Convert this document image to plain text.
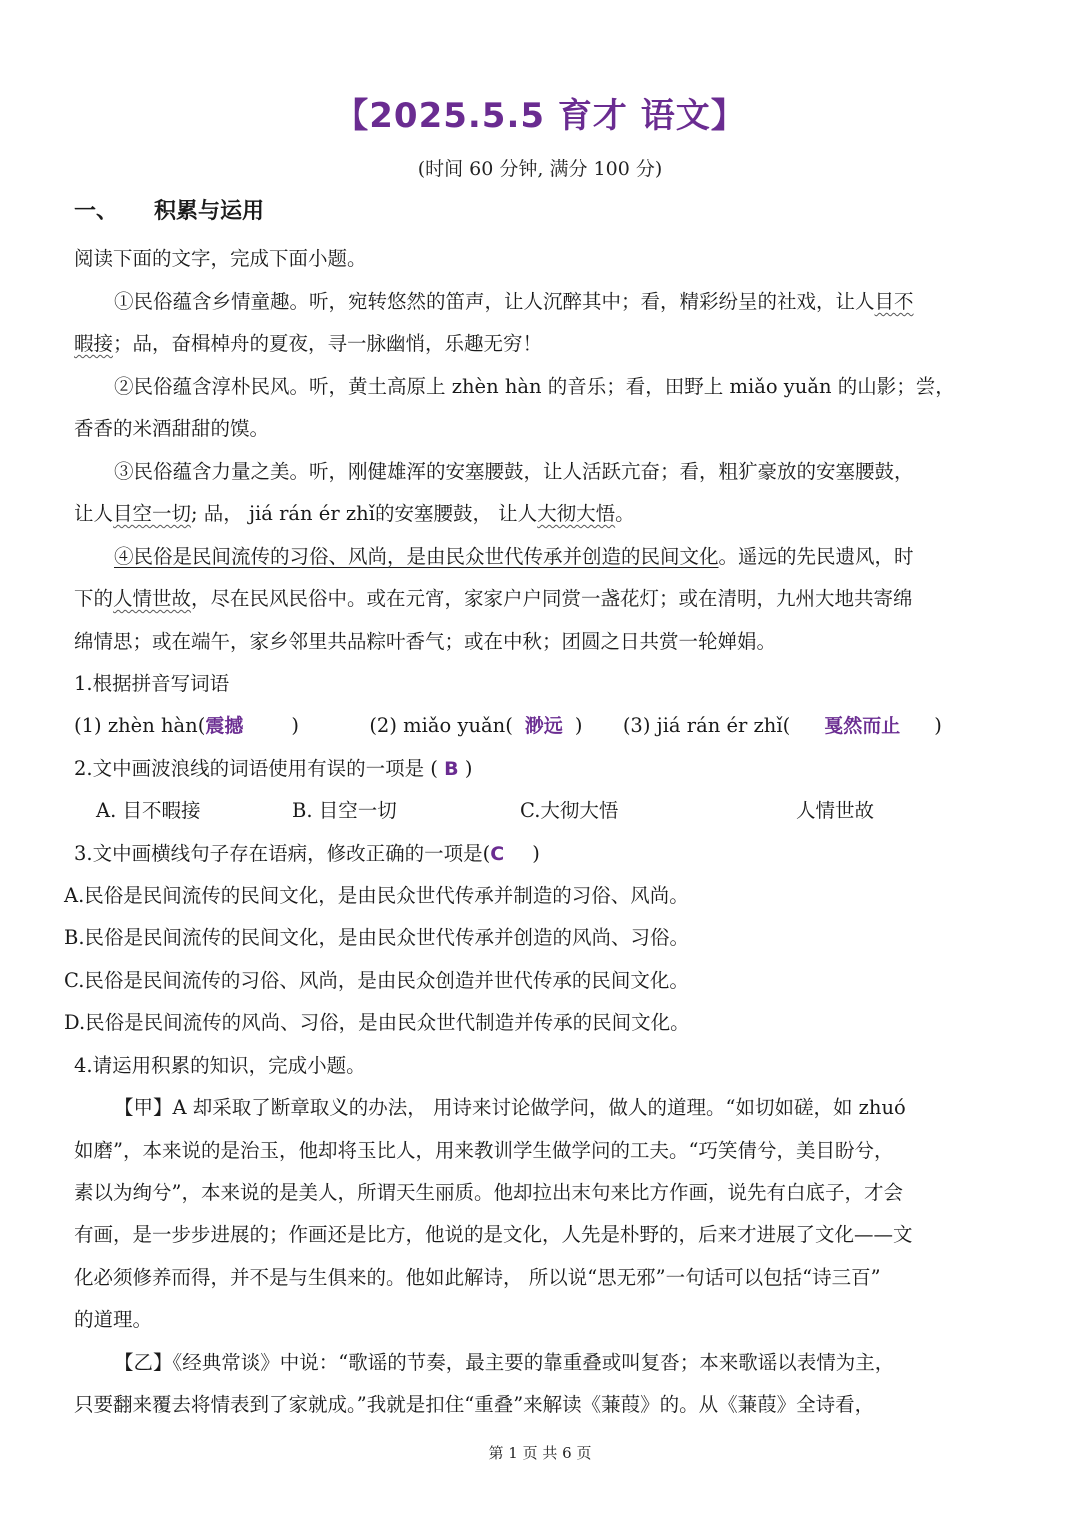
【2025.5.5 育才 语文】
(时间 60 分钟, 满分 100 分)
一、 积累与运用
阅读下面的文字，完成下面小题。
①民俗蕴含乡情童趣。听，宛转悠然的笛声，让人沉醉其中；看，精彩纷呈的社戏，让人目不
暇接；品，奋楫棹舟的夏夜，寻一脉幽悄，乐趣无穷！
②民俗蕴含淳朴民风。听，黄土高原上 zhèn hàn 的音乐；看，田野上 miǎo yuǎn 的山影；尝，
香香的米酒甜甜的馍。
③民俗蕴含力量之美。听，刚健雄浑的安塞腰鼓，让人活跃亢奋；看，粗犷豪放的安塞腰鼓，
让人目空一切; 品， jiá rán ér zhǐ的安塞腰鼓， 让人大彻大悟。
④民俗是民间流传的习俗、风尚，是由民众世代传承并创造的民间文化。遥远的先民遗风，时
下的人情世故，尽在民风民俗中。或在元宵，家家户户同赏一盏花灯；或在清明，九州大地共寄绵
绵情思；或在端午，家乡邻里共品粽叶香气；或在中秋；团圆之日共赏一轮婵娟。
1.根据拼音写词语
(1) zhèn hàn(震撼 )	(2) miǎo yuǎn( 渺远 ) (3) jiá rán ér zhǐ( 戛然而止 )
2.文中画波浪线的词语使用有误的一项是 ( B )
A. 目不暇接	B. 目空一切	C.大彻大悟	人情世故
3.文中画横线句子存在语病，修改正确的一项是(C )
A.民俗是民间流传的民间文化，是由民众世代传承并制造的习俗、风尚。
B.民俗是民间流传的民间文化，是由民众世代传承并创造的风尚、习俗。
C.民俗是民间流传的习俗、风尚，是由民众创造并世代传承的民间文化。
D.民俗是民间流传的风尚、习俗，是由民众世代制造并传承的民间文化。
4.请运用积累的知识，完成小题。
【甲】A 却采取了断章取义的办法， 用诗来讨论做学问，做人的道理。“如切如磋，如 zhuó
如磨”，本来说的是治玉，他却将玉比人，用来教训学生做学问的工夫。“巧笑倩兮，美目盼兮，
素以为绚兮”，本来说的是美人，所谓天生丽质。他却拉出末句来比方作画，说先有白底子，才会
有画，是一步步进展的；作画还是比方，他说的是文化，人先是朴野的，后来才进展了文化——文
化必须修养而得，并不是与生俱来的。他如此解诗， 所以说“思无邪”一句话可以包括“诗三百”
的道理。
【乙】《经典常谈》中说：“歌谣的节奏，最主要的靠重叠或叫复沓；本来歌谣以表情为主，
只要翻来覆去将情表到了家就成。”我就是扣住“重叠”来解读《蒹葭》的。从《蒹葭》全诗看，
第 1 页 共 6 页
